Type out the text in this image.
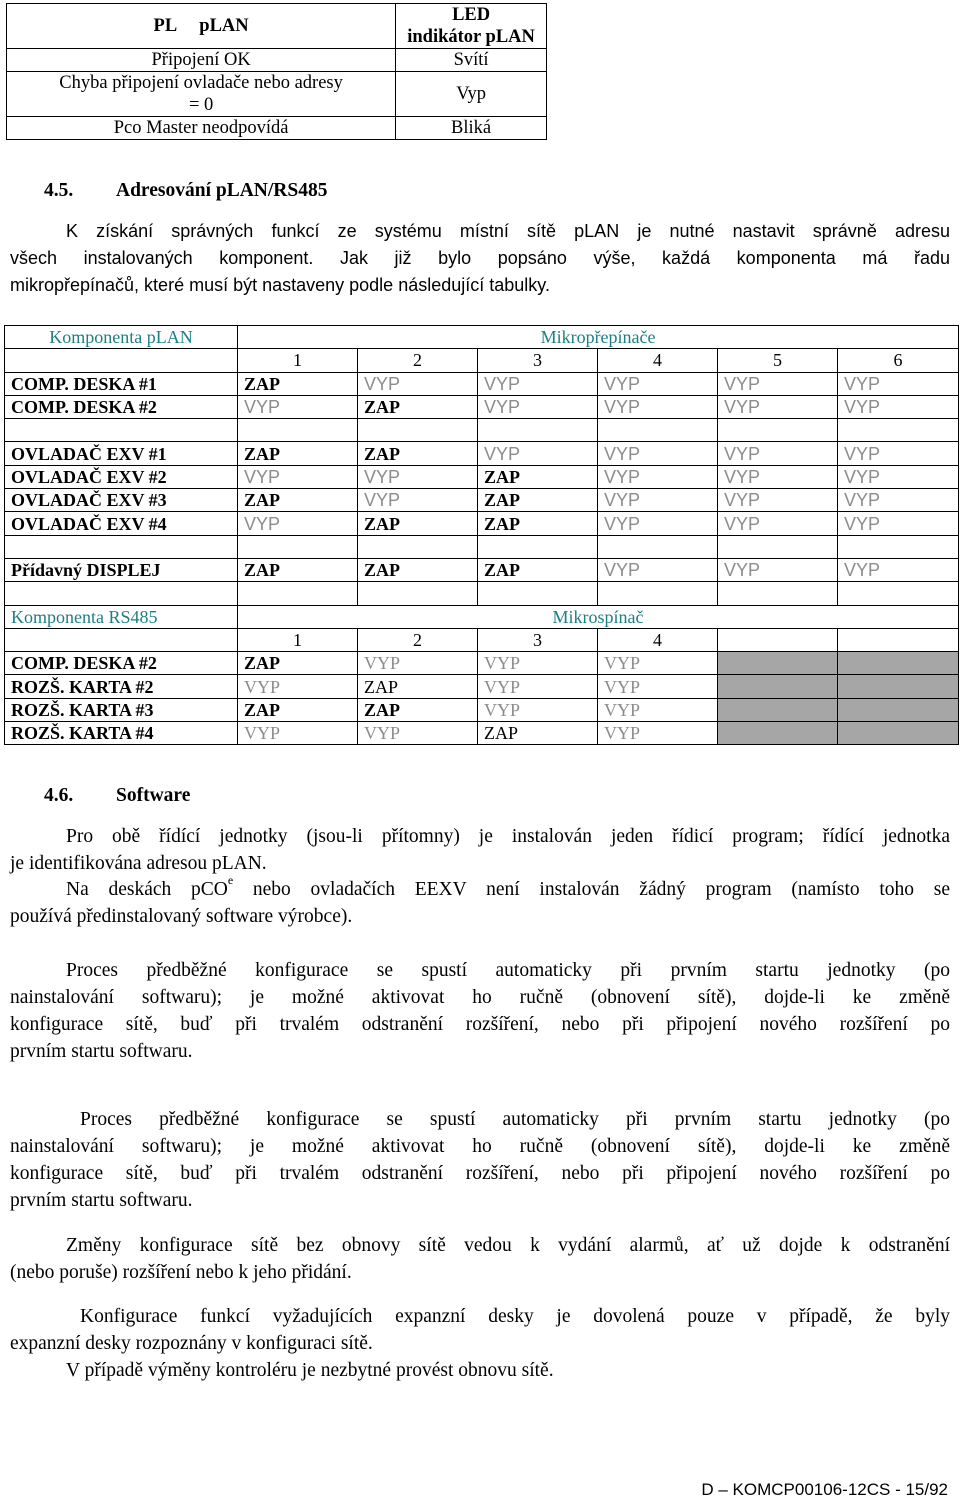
PL     pLAN	LED
indikátor pLAN
Připojení OK	Svítí
Chyba připojení ovladače nebo adresy
= 0	Vyp
Pco Master neodpovídá	Bliká
4.5. Adresování pLAN/RS485
K získání správných funkcí ze systému místní sítě pLAN je nutné nastavit správně adresu
všech instalovaných komponent. Jak již bylo popsáno výše, každá komponenta má řadu
mikropřepínačů, které musí být nastaveny podle následující tabulky.
Komponenta pLAN	Mikropřepínače					
	1	2	3	4	5	6
COMP. DESKA #1	ZAP	VYP	VYP	VYP	VYP	VYP
COMP. DESKA #2	VYP	ZAP	VYP	VYP	VYP	VYP

OVLADAČ EXV #1	ZAP	ZAP	VYP	VYP	VYP	VYP
OVLADAČ EXV #2	VYP	VYP	ZAP	VYP	VYP	VYP
OVLADAČ EXV #3	ZAP	VYP	ZAP	VYP	VYP	VYP
OVLADAČ EXV #4	VYP	ZAP	ZAP	VYP	VYP	VYP

Přídavný DISPLEJ	ZAP	ZAP	ZAP	VYP	VYP	VYP

Komponenta RS485	Mikrospínač					
	1	2	3	4		
COMP. DESKA #2	ZAP	VYP	VYP	VYP		
ROZŠ. KARTA #2	VYP	ZAP	VYP	VYP		
ROZŠ. KARTA #3	ZAP	ZAP	VYP	VYP		
ROZŠ. KARTA #4	VYP	VYP	ZAP	VYP		
4.6. Software
Pro obě řídící jednotky (jsou-li přítomny) je instalován jeden řídicí program; řídící jednotka
je identifikována adresou pLAN.
Na deskách pCO$^e$ nebo ovladačích EEXV není instalován žádný program (namísto toho se
používá předinstalovaný software výrobce).
Proces předběžné konfigurace se spustí automaticky při prvním startu jednotky (po
nainstalování softwaru); je možné aktivovat ho ručně (obnovení sítě), dojde-li ke změně
konfigurace sítě, buď při trvalém odstranění rozšíření, nebo při připojení nového rozšíření po
prvním startu softwaru.
Proces předběžné konfigurace se spustí automaticky při prvním startu jednotky (po
nainstalování softwaru); je možné aktivovat ho ručně (obnovení sítě), dojde-li ke změně
konfigurace sítě, buď při trvalém odstranění rozšíření, nebo při připojení nového rozšíření po
prvním startu softwaru.
Změny konfigurace sítě bez obnovy sítě vedou k vydání alarmů, ať už dojde k odstranění
(nebo poruše) rozšíření nebo k jeho přidání.
Konfigurace funkcí vyžadujících expanzní desky je dovolená pouze v případě, že byly
expanzní desky rozpoznány v konfiguraci sítě.
V případě výměny kontroléru je nezbytné provést obnovu sítě.
D – KOMCP00106-12CS - 15/92
